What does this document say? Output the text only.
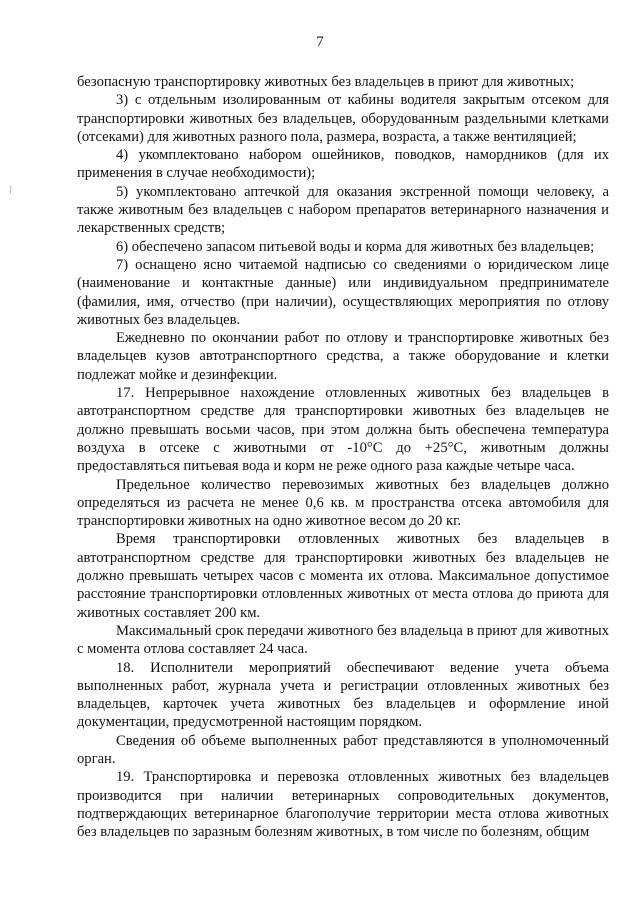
7

безопасную транспортировку животных без владельцев в приют для животных;

3) с отдельным изолированным от кабины водителя закрытым отсеком для транспортировки животных без владельцев, оборудованным раздельными клетками (отсеками) для животных разного пола, размера, возраста, а также вентиляцией;

4) укомплектовано набором ошейников, поводков, намордников (для их применения в случае необходимости);

5) укомплектовано аптечкой для оказания экстренной помощи человеку, а также животным без владельцев с набором препаратов ветеринарного назначения и лекарственных средств;

6) обеспечено запасом питьевой воды и корма для животных без владельцев;

7) оснащено ясно читаемой надписью со сведениями о юридическом лице (наименование и контактные данные) или индивидуальном предпринимателе (фамилия, имя, отчество (при наличии), осуществляющих мероприятия по отлову животных без владельцев.

Ежедневно по окончании работ по отлову и транспортировке животных без владельцев кузов автотранспортного средства, а также оборудование и клетки подлежат мойке и дезинфекции.

17. Непрерывное нахождение отловленных животных без владельцев в автотранспортном средстве для транспортировки животных без владельцев не должно превышать восьми часов, при этом должна быть обеспечена температура воздуха в отсеке с животными от -10°С до +25°С, животным должны предоставляться питьевая вода и корм не реже одного раза каждые четыре часа.

Предельное количество перевозимых животных без владельцев должно определяться из расчета не менее 0,6 кв. м пространства отсека автомобиля для транспортировки животных на одно животное весом до 20 кг.

Время транспортировки отловленных животных без владельцев в автотранспортном средстве для транспортировки животных без владельцев не должно превышать четырех часов с момента их отлова. Максимальное допустимое расстояние транспортировки отловленных животных от места отлова до приюта для животных составляет 200 км.

Максимальный срок передачи животного без владельца в приют для животных с момента отлова составляет 24 часа.

18. Исполнители мероприятий обеспечивают ведение учета объема выполненных работ, журнала учета и регистрации отловленных животных без владельцев, карточек учета животных без владельцев и оформление иной документации, предусмотренной настоящим порядком.

Сведения об объеме выполненных работ представляются в уполномоченный орган.

19. Транспортировка и перевозка отловленных животных без владельцев производится при наличии ветеринарных сопроводительных документов, подтверждающих ветеринарное благополучие территории места отлова животных без владельцев по заразным болезням животных, в том числе по болезням, общим
